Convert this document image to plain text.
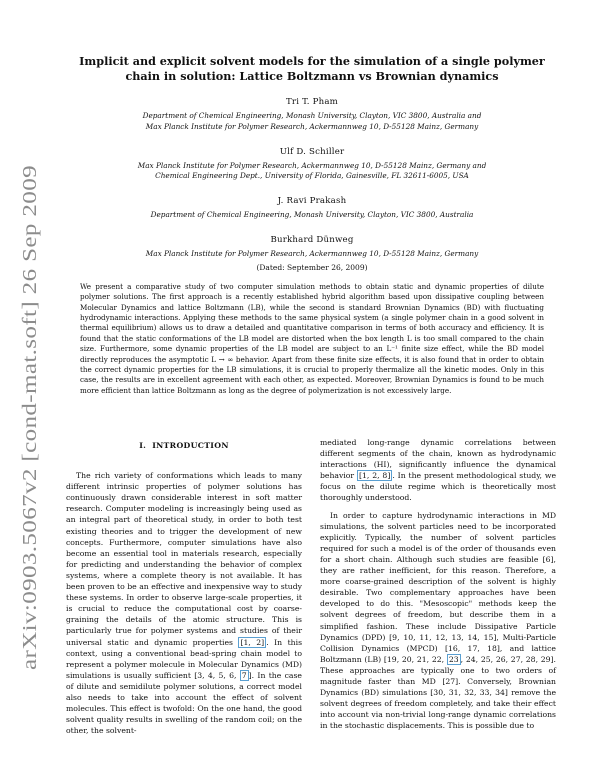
arXiv:0903.5067v2 [cond-mat.soft] 26 Sep 2009
Implicit and explicit solvent models for the simulation of a single polymer chain in solution: Lattice Boltzmann vs Brownian dynamics
Tri T. Pham
Department of Chemical Engineering, Monash University, Clayton, VIC 3800, Australia and
Max Planck Institute for Polymer Research, Ackermannweg 10, D-55128 Mainz, Germany
Ulf D. Schiller
Max Planck Institute for Polymer Research, Ackermannweg 10, D-55128 Mainz, Germany and
Chemical Engineering Dept., University of Florida, Gainesville, FL 32611-6005, USA
J. Ravi Prakash
Department of Chemical Engineering, Monash University, Clayton, VIC 3800, Australia
Burkhard Dünweg
Max Planck Institute for Polymer Research, Ackermannweg 10, D-55128 Mainz, Germany
(Dated: September 26, 2009)
We present a comparative study of two computer simulation methods to obtain static and dynamic properties of dilute polymer solutions. The first approach is a recently established hybrid algorithm based upon dissipative coupling between Molecular Dynamics and lattice Boltzmann (LB), while the second is standard Brownian Dynamics (BD) with fluctuating hydrodynamic interactions. Applying these methods to the same physical system (a single polymer chain in a good solvent in thermal equilibrium) allows us to draw a detailed and quantitative comparison in terms of both accuracy and efficiency. It is found that the static conformations of the LB model are distorted when the box length L is too small compared to the chain size. Furthermore, some dynamic properties of the LB model are subject to an L⁻¹ finite size effect, while the BD model directly reproduces the asymptotic L → ∞ behavior. Apart from these finite size effects, it is also found that in order to obtain the correct dynamic properties for the LB simulations, it is crucial to properly thermalize all the kinetic modes. Only in this case, the results are in excellent agreement with each other, as expected. Moreover, Brownian Dynamics is found to be much more efficient than lattice Boltzmann as long as the degree of polymerization is not excessively large.
I. INTRODUCTION
The rich variety of conformations which leads to many different intrinsic properties of polymer solutions has continuously drawn considerable interest in soft matter research. Computer modeling is increasingly being used as an integral part of theoretical study, in order to both test existing theories and to trigger the development of new concepts. Furthermore, computer simulations have also become an essential tool in materials research, especially for predicting and understanding the behavior of complex systems, where a complete theory is not available. It has been proven to be an effective and inexpensive way to study these systems. In order to observe large-scale properties, it is crucial to reduce the computational cost by coarse-graining the details of the atomic structure. This is particularly true for polymer systems and studies of their universal static and dynamic properties [1, 2] . In this context, using a conventional bead-spring chain model to represent a polymer molecule in Molecular Dynamics (MD) simulations is usually sufficient [3, 4, 5, 6, 7 ]. In the case of dilute and semidilute polymer solutions, a correct model also needs to take into account the effect of solvent molecules. This effect is twofold: On the one hand, the good solvent quality results in swelling of the random coil; on the other, the solvent-
mediated long-range dynamic correlations between different segments of the chain, known as hydrodynamic interactions (HI), significantly influence the dynamical behavior [1, 2, 8] . In the present methodological study, we focus on the dilute regime which is theoretically most thoroughly understood.
In order to capture hydrodynamic interactions in MD simulations, the solvent particles need to be incorporated explicitly. Typically, the number of solvent particles required for such a model is of the order of thousands even for a short chain. Although such studies are feasible [6], they are rather inefficient, for this reason. Therefore, a more coarse-grained description of the solvent is highly desirable. Two complementary approaches have been developed to do this. "Mesoscopic" methods keep the solvent degrees of freedom, but describe them in a simplified fashion. These include Dissipative Particle Dynamics (DPD) [9, 10, 11, 12, 13, 14, 15], Multi-Particle Collision Dynamics (MPCD) [16, 17, 18], and lattice Boltzmann (LB) [19, 20, 21, 22, 23 , 24, 25, 26, 27, 28, 29]. These approaches are typically one to two orders of magnitude faster than MD [27]. Conversely, Brownian Dynamics (BD) simulations [30, 31, 32, 33, 34] remove the solvent degrees of freedom completely, and take their effect into account via non-trivial long-range dynamic correlations in the stochastic displacements. This is possible due to
